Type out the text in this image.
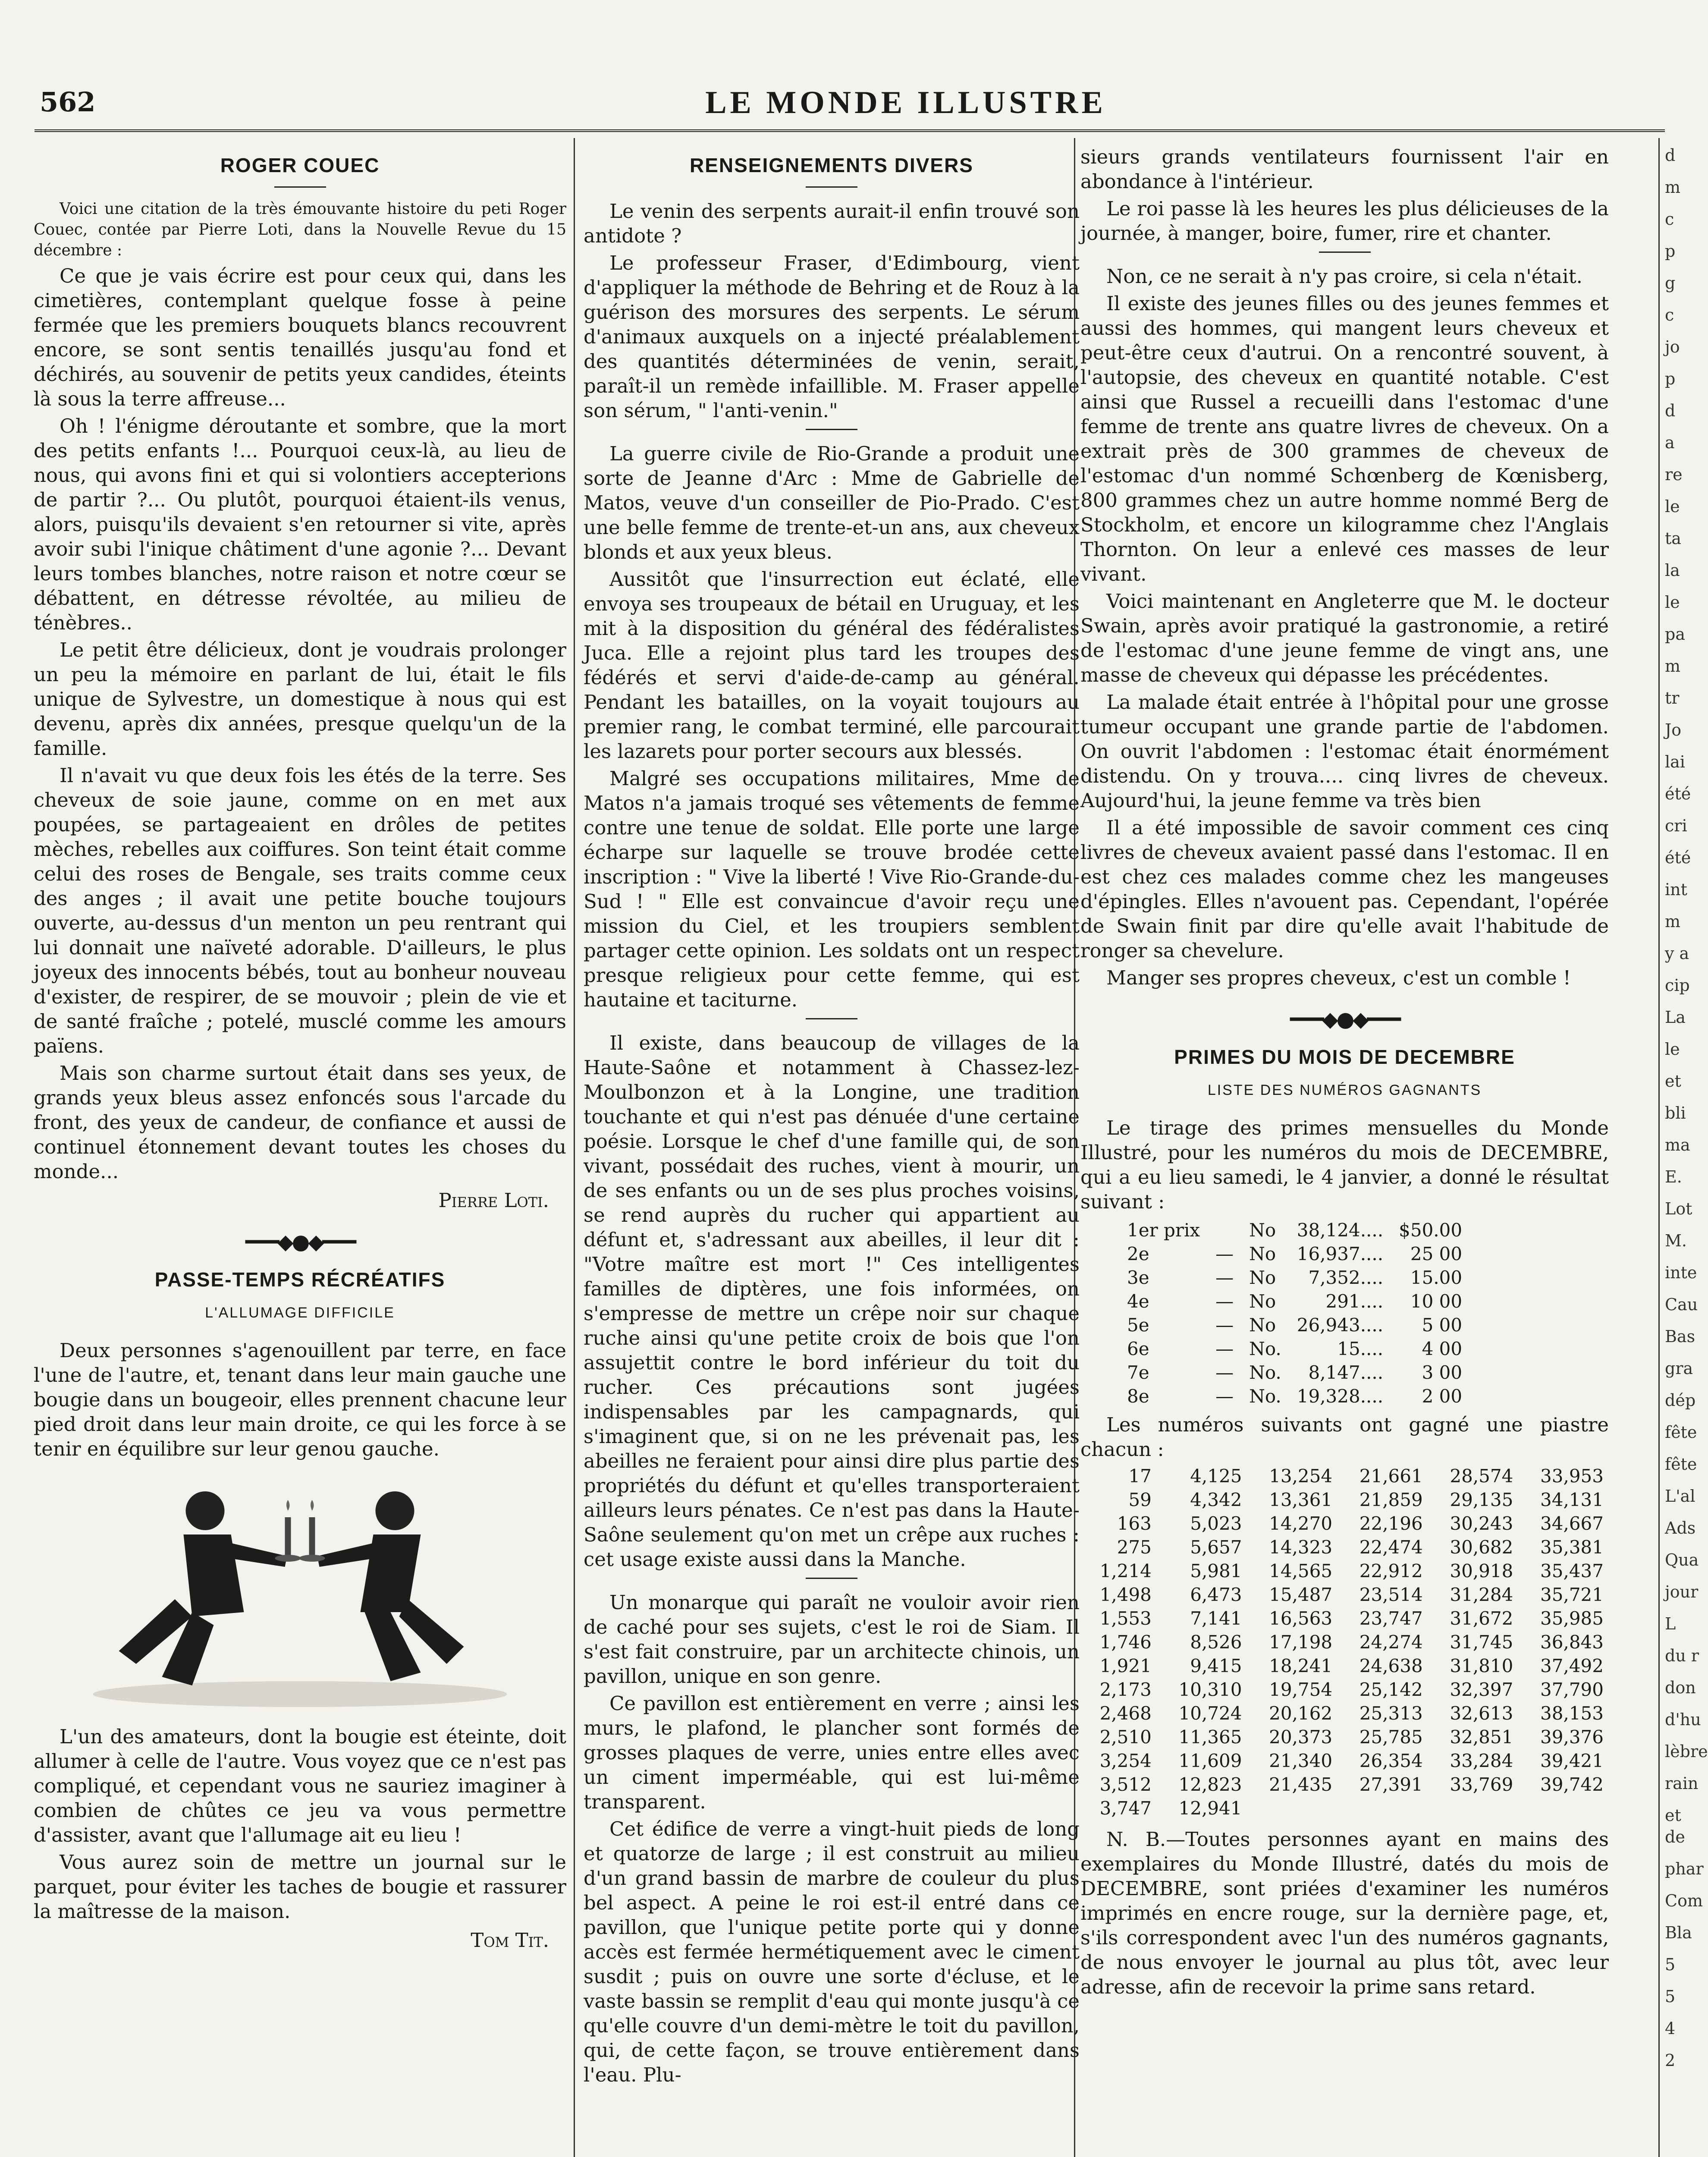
562	LE MONDE ILLUSTRE
ROGER COUEC

Voici une citation de la très émouvante histoire du peti Roger Couec, contée par Pierre Loti, dans la Nouvelle Revue du 15 décembre :

Ce que je vais écrire est pour ceux qui, dans les cimetières, contemplant quelque fosse à peine fermée que les premiers bouquets blancs recouvrent encore, se sont sentis tenaillés jusqu'au fond et déchirés, au souvenir de petits yeux candides, éteints là sous la terre affreuse...

Oh ! l'énigme déroutante et sombre, que la mort des petits enfants !... Pourquoi ceux-là, au lieu de nous, qui avons fini et qui si volontiers accepterions de partir ?... Ou plutôt, pourquoi étaient-ils venus, alors, puisqu'ils devaient s'en retourner si vite, après avoir subi l'inique châtiment d'une agonie ?... Devant leurs tombes blanches, notre raison et notre cœur se débattent, en détresse révoltée, au milieu de ténèbres..

Le petit être délicieux, dont je voudrais prolonger un peu la mémoire en parlant de lui, était le fils unique de Sylvestre, un domestique à nous qui est devenu, après dix années, presque quelqu'un de la famille.

Il n'avait vu que deux fois les étés de la terre. Ses cheveux de soie jaune, comme on en met aux poupées, se partageaient en drôles de petites mèches, rebelles aux coiffures. Son teint était comme celui des roses de Bengale, ses traits comme ceux des anges ; il avait une petite bouche toujours ouverte, au-dessus d'un menton un peu rentrant qui lui donnait une naïveté adorable. D'ailleurs, le plus joyeux des innocents bébés, tout au bonheur nouveau d'exister, de respirer, de se mouvoir ; plein de vie et de santé fraîche ; potelé, musclé comme les amours païens.

Mais son charme surtout était dans ses yeux, de grands yeux bleus assez enfoncés sous l'arcade du front, des yeux de candeur, de confiance et aussi de continuel étonnement devant toutes les choses du monde...

Pierre Loti.
━━━◆●◆━━━
PASSE-TEMPS RÉCRÉATIFS
L'ALLUMAGE DIFFICILE

Deux personnes s'agenouillent par terre, en face l'une de l'autre, et, tenant dans leur main gauche une bougie dans un bougeoir, elles prennent chacune leur pied droit dans leur main droite, ce qui les force à se tenir en équilibre sur leur genou gauche.

L'un des amateurs, dont la bougie est éteinte, doit allumer à celle de l'autre. Vous voyez que ce n'est pas compliqué, et cependant vous ne sauriez imaginer à combien de chûtes ce jeu va vous permettre d'assister, avant que l'allumage ait eu lieu !

Vous aurez soin de mettre un journal sur le parquet, pour éviter les taches de bougie et rassurer la maîtresse de la maison.

Tom Tit.
RENSEIGNEMENTS DIVERS

Le venin des serpents aurait-il enfin trouvé son antidote ?

Le professeur Fraser, d'Edimbourg, vient d'appliquer la méthode de Behring et de Rouz à la guérison des morsures des serpents. Le sérum d'animaux auxquels on a injecté préalablement des quantités déterminées de venin, serait, paraît-il un remède infaillible. M. Fraser appelle son sérum, " l'anti-venin."

La guerre civile de Rio-Grande a produit une sorte de Jeanne d'Arc : Mme de Gabrielle de Matos, veuve d'un conseiller de Pio-Prado. C'est une belle femme de trente-et-un ans, aux cheveux blonds et aux yeux bleus.

Aussitôt que l'insurrection eut éclaté, elle envoya ses troupeaux de bétail en Uruguay, et les mit à la disposition du général des fédéralistes Juca. Elle a rejoint plus tard les troupes des fédérés et servi d'aide-de-camp au général. Pendant les batailles, on la voyait toujours au premier rang, le combat terminé, elle parcourait les lazarets pour porter secours aux blessés.

Malgré ses occupations militaires, Mme de Matos n'a jamais troqué ses vêtements de femme contre une tenue de soldat. Elle porte une large écharpe sur laquelle se trouve brodée cette inscription : " Vive la liberté ! Vive Rio-Grande-du-Sud ! " Elle est convaincue d'avoir reçu une mission du Ciel, et les troupiers semblent partager cette opinion. Les soldats ont un respect presque religieux pour cette femme, qui est hautaine et taciturne.

Il existe, dans beaucoup de villages de la Haute-Saône et notamment à Chassez-lez-Moulbonzon et à la Longine, une tradition touchante et qui n'est pas dénuée d'une certaine poésie. Lorsque le chef d'une famille qui, de son vivant, possédait des ruches, vient à mourir, un de ses enfants ou un de ses plus proches voisins, se rend auprès du rucher qui appartient au défunt et, s'adressant aux abeilles, il leur dit : "Votre maître est mort !" Ces intelligentes familles de diptères, une fois informées, on s'empresse de mettre un crêpe noir sur chaque ruche ainsi qu'une petite croix de bois que l'on assujettit contre le bord inférieur du toit du rucher. Ces précautions sont jugées indispensables par les campagnards, qui s'imaginent que, si on ne les prévenait pas, les abeilles ne feraient pour ainsi dire plus partie des propriétés du défunt et qu'elles transporteraient ailleurs leurs pénates. Ce n'est pas dans la Haute-Saône seulement qu'on met un crêpe aux ruches : cet usage existe aussi dans la Manche.

Un monarque qui paraît ne vouloir avoir rien de caché pour ses sujets, c'est le roi de Siam. Il s'est fait construire, par un architecte chinois, un pavillon, unique en son genre.

Ce pavillon est entièrement en verre ; ainsi les murs, le plafond, le plancher sont formés de grosses plaques de verre, unies entre elles avec un ciment imperméable, qui est lui-même transparent.

Cet édifice de verre a vingt-huit pieds de long et quatorze de large ; il est construit au milieu d'un grand bassin de marbre de couleur du plus bel aspect. A peine le roi est-il entré dans ce pavillon, que l'unique petite porte qui y donne accès est fermée hermétiquement avec le ciment susdit ; puis on ouvre une sorte d'écluse, et le vaste bassin se remplit d'eau qui monte jusqu'à ce qu'elle couvre d'un demi-mètre le toit du pavillon, qui, de cette façon, se trouve entièrement dans l'eau. Plu-

sieurs grands ventilateurs fournissent l'air en abondance à l'intérieur.

Le roi passe là les heures les plus délicieuses de la journée, à manger, boire, fumer, rire et chanter.

Non, ce ne serait à n'y pas croire, si cela n'était.

Il existe des jeunes filles ou des jeunes femmes et aussi des hommes, qui mangent leurs cheveux et peut-être ceux d'autrui. On a rencontré souvent, à l'autopsie, des cheveux en quantité notable. C'est ainsi que Russel a recueilli dans l'estomac d'une femme de trente ans quatre livres de cheveux. On a extrait près de 300 grammes de cheveux de l'estomac d'un nommé Schœnberg de Kœnisberg, 800 grammes chez un autre homme nommé Berg de Stockholm, et encore un kilogramme chez l'Anglais Thornton. On leur a enlevé ces masses de leur vivant.

Voici maintenant en Angleterre que M. le docteur Swain, après avoir pratiqué la gastronomie, a retiré de l'estomac d'une jeune femme de vingt ans, une masse de cheveux qui dépasse les précédentes.

La malade était entrée à l'hôpital pour une grosse tumeur occupant une grande partie de l'abdomen. On ouvrit l'abdomen : l'estomac était énormément distendu. On y trouva.... cinq livres de cheveux. Aujourd'hui, la jeune femme va très bien

Il a été impossible de savoir comment ces cinq livres de cheveux avaient passé dans l'estomac. Il en est chez ces malades comme chez les mangeuses d'épingles. Elles n'avouent pas. Cependant, l'opérée de Swain finit par dire qu'elle avait l'habitude de ronger sa chevelure.

Manger ses propres cheveux, c'est un comble !

━━━◆●◆━━━
PRIMES DU MOIS DE DECEMBRE
LISTE DES NUMÉROS GAGNANTS

Le tirage des primes mensuelles du Monde Illustré, pour les numéros du mois de DECEMBRE, qui a eu lieu samedi, le 4 janvier, a donné le résultat suivant :

1er prix		No	38,124....	$50.00
2e	—	No	16,937....	25 00
3e	—	No	7,352....	15.00
4e	—	No	291....	10 00
5e	—	No	26,943....	5 00
6e	—	No.	15....	4 00
7e	—	No.	8,147....	3 00
8e	—	No.	19,328....	2 00

Les numéros suivants ont gagné une piastre chacun :

17	4,125	13,254	21,661	28,574	33,953
59	4,342	13,361	21,859	29,135	34,131
163	5,023	14,270	22,196	30,243	34,667
275	5,657	14,323	22,474	30,682	35,381
1,214	5,981	14,565	22,912	30,918	35,437
1,498	6,473	15,487	23,514	31,284	35,721
1,553	7,141	16,563	23,747	31,672	35,985
1,746	8,526	17,198	24,274	31,745	36,843
1,921	9,415	18,241	24,638	31,810	37,492
2,173	10,310	19,754	25,142	32,397	37,790
2,468	10,724	20,162	25,313	32,613	38,153
2,510	11,365	20,373	25,785	32,851	39,376
3,254	11,609	21,340	26,354	33,284	39,421
3,512	12,823	21,435	27,391	33,769	39,742
3,747	12,941				

N. B.—Toutes personnes ayant en mains des exemplaires du Monde Illustré, datés du mois de DECEMBRE, sont priées d'examiner les numéros imprimés en encre rouge, sur la dernière page, et, s'ils correspondent avec l'un des numéros gagnants, de nous envoyer le journal au plus tôt, avec leur adresse, afin de recevoir la prime sans retard.

d
m
c
p
g
c
jo
p
d
a
re
le
ta
la
le
pa
m
tr
Jo
lai
été
cri
été
int
m
y a
cip
La
le
et
bli
ma
E.
Lot
M.
inte
Cau
Bas
gra
dép
fête
fête
L'al
Ads
Qua
jour
L
du r
don
d'hu
lèbre
rain
et de
phar
Com
Bla
5
5
4
2
